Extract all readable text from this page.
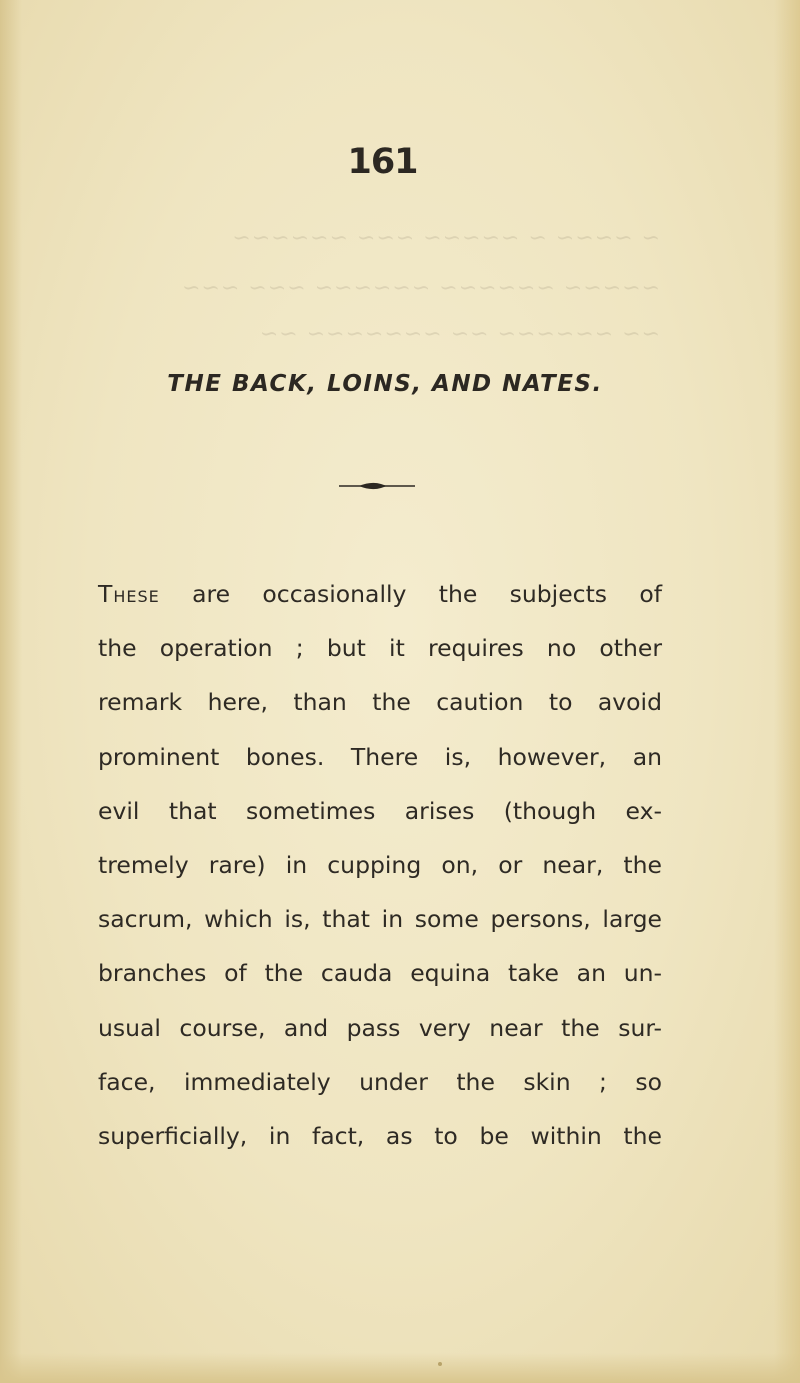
~ ~~~~ ~ ~~~~~ ~~~ ~~~~~~
~~~~~ ~~~~~~ ~~~~~~ ~~~ ~~~
~~ ~~~~~~ ~~ ~~~~~~~ ~~
161
THE BACK, LOINS, AND NATES.
These are occasionally the subjects of
the operation ; but it requires no other
remark here, than the caution to avoid
prominent bones. There is, however, an
evil that sometimes arises (though ex-
tremely rare) in cupping on, or near, the
sacrum, which is, that in some persons, large
branches of the cauda equina take an un-
usual course, and pass very near the sur-
face, immediately under the skin ; so
superficially, in fact, as to be within the
